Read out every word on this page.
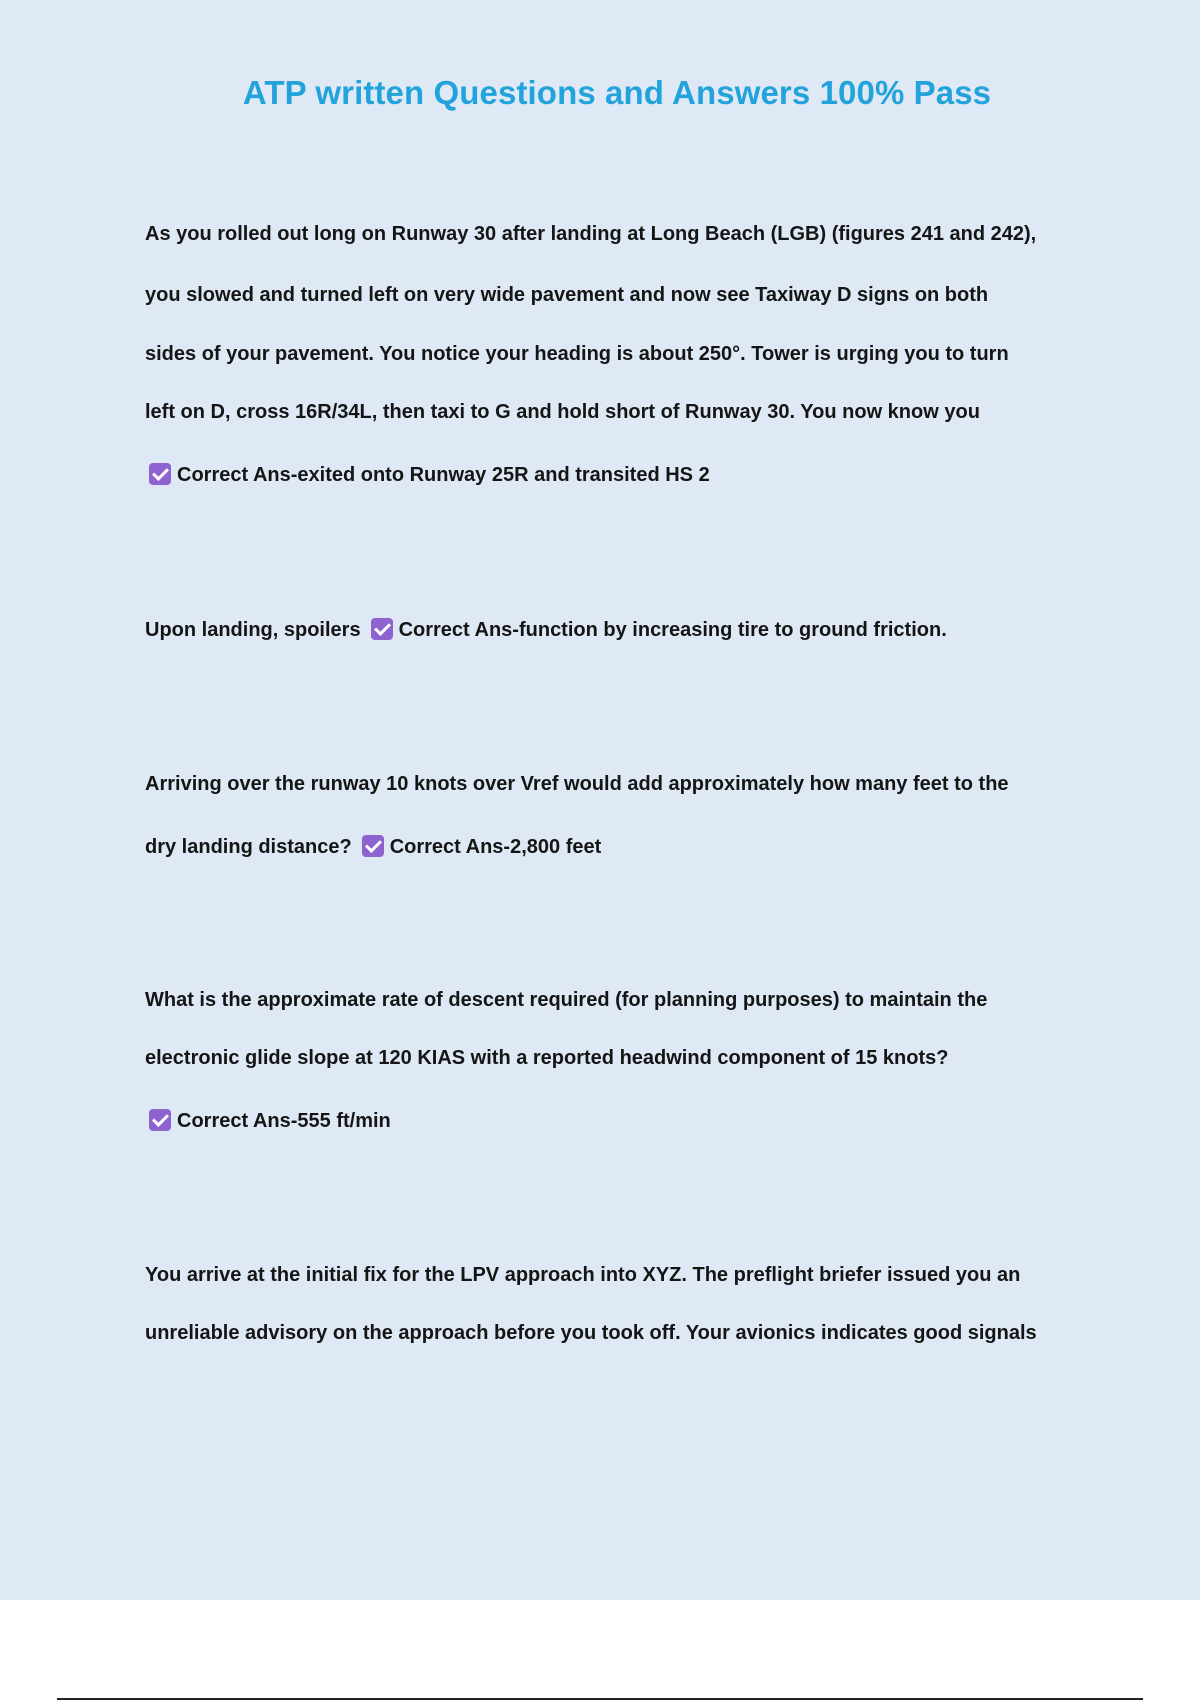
ATP written Questions and Answers 100% Pass
As you rolled out long on Runway 30 after landing at Long Beach (LGB) (figures 241 and 242),
you slowed and turned left on very wide pavement and now see Taxiway D signs on both
sides of your pavement. You notice your heading is about 250°. Tower is urging you to turn
left on D, cross 16R/34L, then taxi to G and hold short of Runway 30. You now know you
Correct Ans-exited onto Runway 25R and transited HS 2
Upon landing, spoilers Correct Ans-function by increasing tire to ground friction.
Arriving over the runway 10 knots over Vref would add approximately how many feet to the
dry landing distance? Correct Ans-2,800 feet
What is the approximate rate of descent required (for planning purposes) to maintain the
electronic glide slope at 120 KIAS with a reported headwind component of 15 knots?
Correct Ans-555 ft/min
You arrive at the initial fix for the LPV approach into XYZ. The preflight briefer issued you an
unreliable advisory on the approach before you took off. Your avionics indicates good signals
